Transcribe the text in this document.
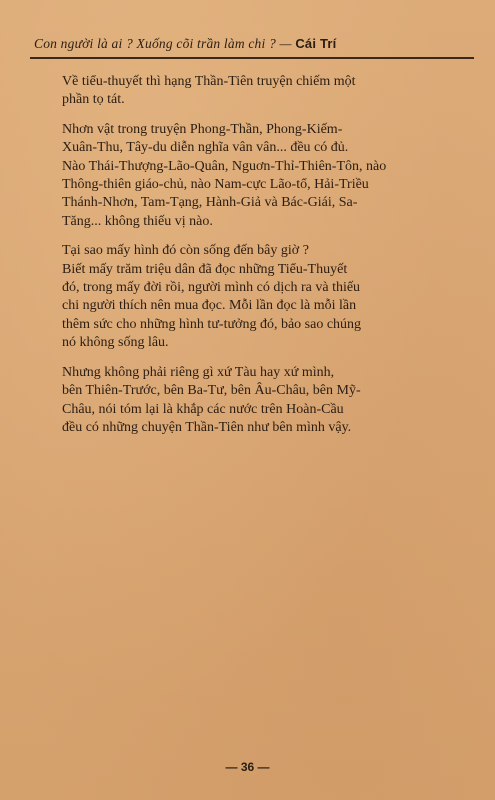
Con người là ai ? Xuống cõi trần làm chi ? — Cái Trí

Về tiểu-thuyết thì hạng Thần-Tiên truyện chiếm một
phần tọ tát.

Nhơn vật trong truyện Phong-Thần, Phong-Kiếm-
Xuân-Thu, Tây-du diễn nghĩa vân vân... đều có đủ.
Nào Thái-Thượng-Lão-Quân, Nguơn-Thỉ-Thiên-Tôn, nào
Thông-thiên giáo-chủ, nào Nam-cực Lão-tổ, Hải-Triều
Thánh-Nhơn, Tam-Tạng, Hành-Giả và Bác-Giái, Sa-
Tăng... không thiếu vị nào.

Tại sao mấy hình đó còn sống đến bây giờ ?
Biết mấy trăm triệu dân đã đọc những Tiểu-Thuyết
đó, trong mấy đời rồi, người mình có dịch ra và thiếu
chi người thích nên mua đọc. Mỗi lần đọc là mỗi lần
thêm sức cho những hình tư-tưởng đó, bảo sao chúng
nó không sống lâu.

Nhưng không phải riêng gì xứ Tàu hay xứ mình,
bên Thiên-Trước, bên Ba-Tư, bên Âu-Châu, bên Mỹ-
Châu, nói tóm lại là khắp các nước trên Hoàn-Cầu
đều có những chuyện Thần-Tiên như bên mình vậy.

— 36 —
